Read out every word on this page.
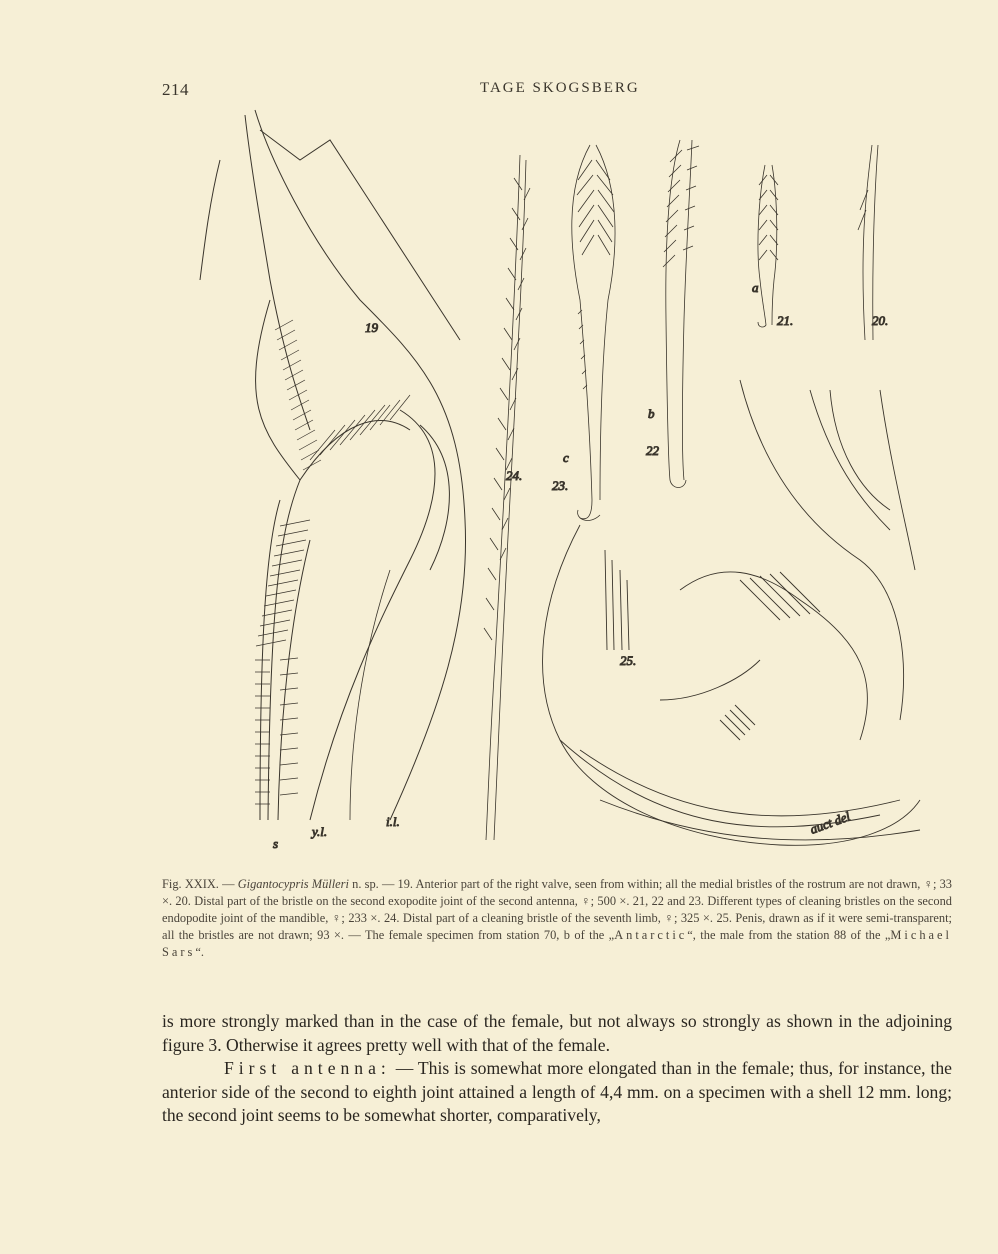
214	TAGE SKOGSBERG
19	20.
21.
22
23.
24.
25.
a
b
c
s
y.l.
i.l.	auct del
Fig. XXIX. — Gigantocypris Mülleri n. sp. — 19. Anterior part of the right valve, seen from within; all the medial bristles of the rostrum are not drawn, ♀; 33 ×. 20. Distal part of the bristle on the second exopodite joint of the second antenna, ♀; 500 ×. 21, 22 and 23. Different types of cleaning bristles on the second endopodite joint of the mandible, ♀; 233 ×. 24. Distal part of a cleaning bristle of the seventh limb, ♀; 325 ×. 25. Penis, drawn as if it were semi-transparent; all the bristles are not drawn; 93 ×. — The female specimen from station 70, b of the „Antarctic“, the male from the station 88 of the „Michael Sars“.

is more strongly marked than in the case of the female, but not always so strongly as shown in the adjoining figure 3. Otherwise it agrees pretty well with that of the female.

First antenna: — This is somewhat more elongated than in the female; thus, for instance, the anterior side of the second to eighth joint attained a length of 4,4 mm. on a specimen with a shell 12 mm. long; the second joint seems to be somewhat shorter, comparatively,
